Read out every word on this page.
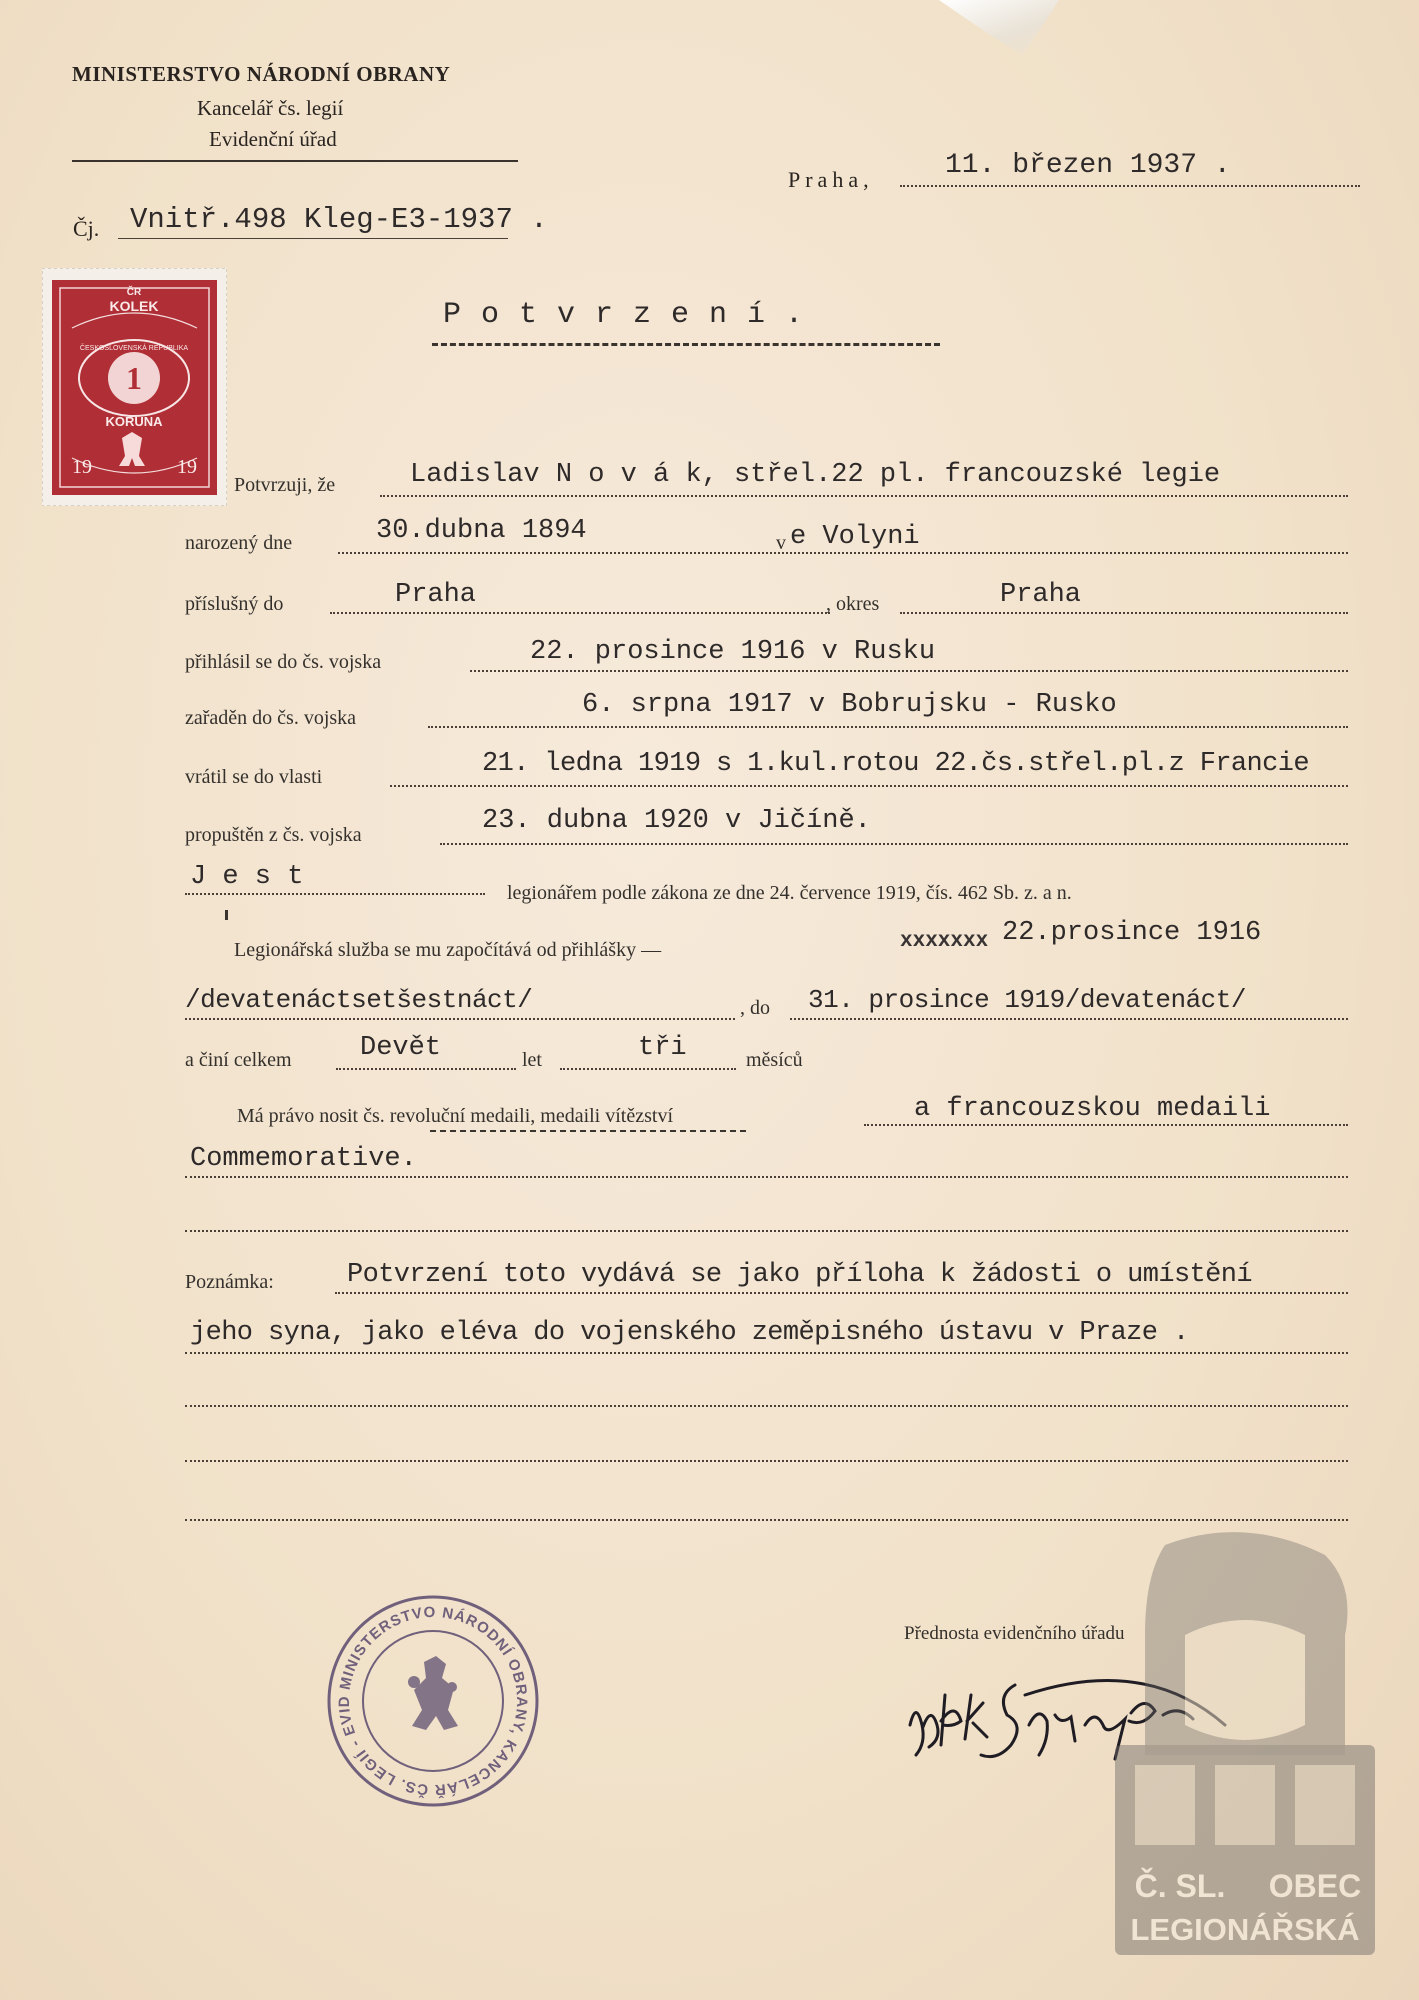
MINISTERSTVO NÁRODNÍ OBRANY
Kancelář čs. legií
Evidenční úřad
Praha,	11. březen 1937 .
Čj. Vnitř.498 Kleg-E3-1937 .
ČR
KOLEK
ČESKOSLOVENSKÁ REPUBLIKA
1
KORUNA
19	19
Potvrzení.
Potvrzuji, že	Ladislav N o v á k, střel.22 pl. francouzské legie
narozený dne	30.dubna 1894	v e Volyni
příslušný do	Praha	, okres	Praha
přihlásil se do čs. vojska	22. prosince 1916 v Rusku
zařaděn do čs. vojska	6. srpna 1917 v Bobrujsku - Rusko
vrátil se do vlasti	21. ledna 1919 s 1.kul.rotou 22.čs.střel.pl.z Francie
propuštěn z čs. vojska	23. dubna 1920 v Jičíně.
J e s t
legionářem podle zákona ze dne 24. července 1919, čís. 462 Sb. z. a n.
Legionářská služba se mu započítává od přihlášky —	xxxxxxx 22.prosince 1916
/devatenáctsetšestnáct/	, do 31. prosince 1919/devatenáct/
a činí celkem	Devět	let	tři	měsíců
Má právo nosit čs. revoluční medaili, medaili vítězství	a francouzskou medaili
Commemorative.
Poznámka:	Potvrzení toto vydává se jako příloha k žádosti o umístění
jeho syna, jako eléva do vojenského zeměpisného ústavu v Praze .
MINISTERSTVO NÁRODNÍ OBRANY, KANCELÁŘ ČS. LEGIÍ - EVID
Přednosta evidenčního úřadu
Č. SL. OBEC
LEGIONÁŘSKÁ
